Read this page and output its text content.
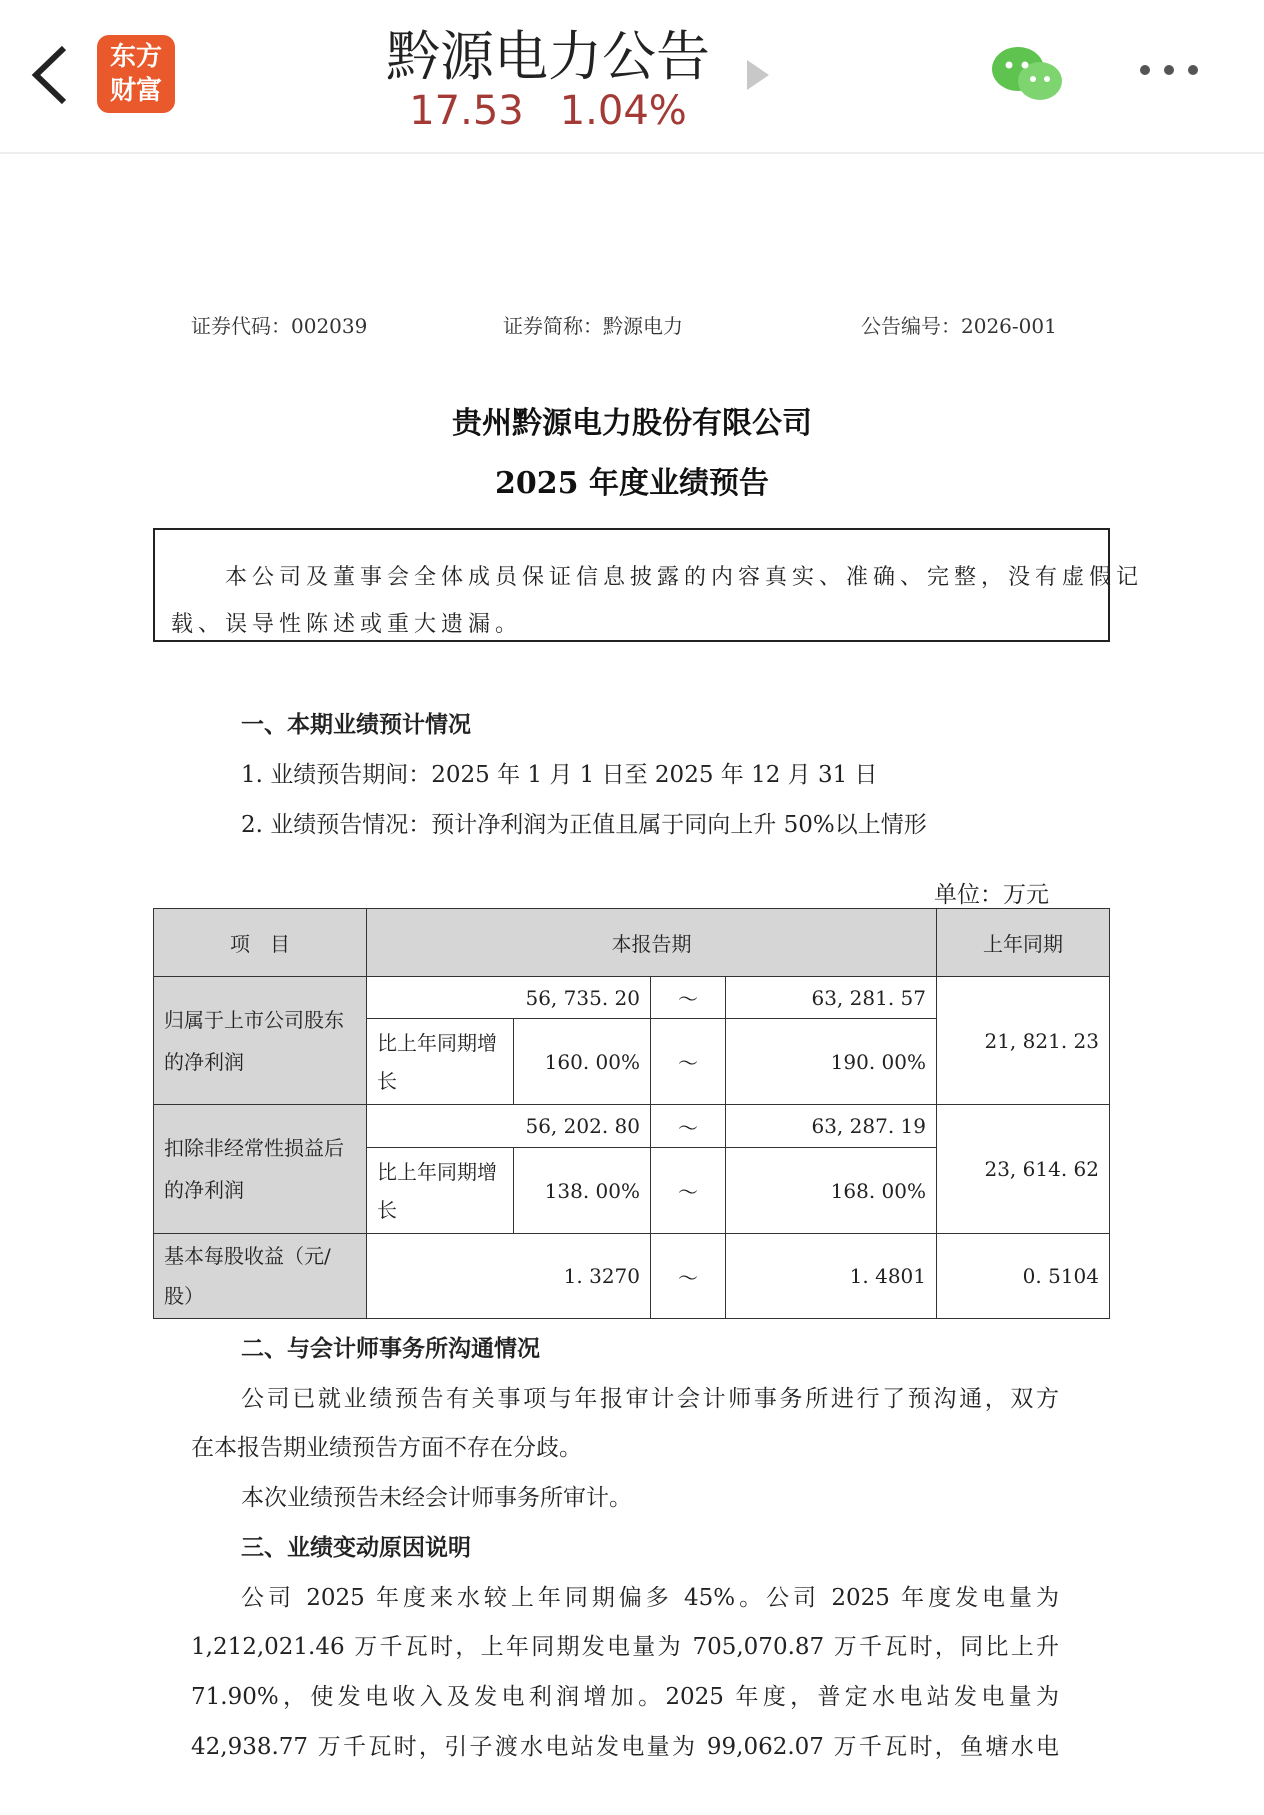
东方
财富
黔源电力公告
17.53 1.04%
证券代码：002039	证券简称：黔源电力	公告编号：2026-001
贵州黔源电力股份有限公司
2025 年度业绩预告
　　本公司及董事会全体成员保证信息披露的内容真实、准确、完整，没有虚假记
载、误导性陈述或重大遗漏。
一、本期业绩预计情况
1. 业绩预告期间：2025 年 1 月 1 日至 2025 年 12 月 31 日
2. 业绩预告情况：预计净利润为正值且属于同向上升 50%以上情形
单位：万元
项　目	本报告期				上年同期
归属于上市公司股东的净利润	56, 735. 20		～	63, 281. 57	21, 821. 23
	比上年同期增长	160. 00%	～	190. 00%	
扣除非经常性损益后的净利润	56, 202. 80		～	63, 287. 19	23, 614. 62
	比上年同期增长	138. 00%	～	168. 00%	
基本每股收益（元/股）	1. 3270		～	1. 4801	0. 5104
二、与会计师事务所沟通情况
公司已就业绩预告有关事项与年报审计会计师事务所进行了预沟通，双方
在本报告期业绩预告方面不存在分歧。
本次业绩预告未经会计师事务所审计。
三、业绩变动原因说明
公司 2025 年度来水较上年同期偏多 45%。公司 2025 年度发电量为
1,212,021.46 万千瓦时，上年同期发电量为 705,070.87 万千瓦时，同比上升
71.90%，使发电收入及发电利润增加。2025 年度，普定水电站发电量为
42,938.77 万千瓦时，引子渡水电站发电量为 99,062.07 万千瓦时，鱼塘水电
